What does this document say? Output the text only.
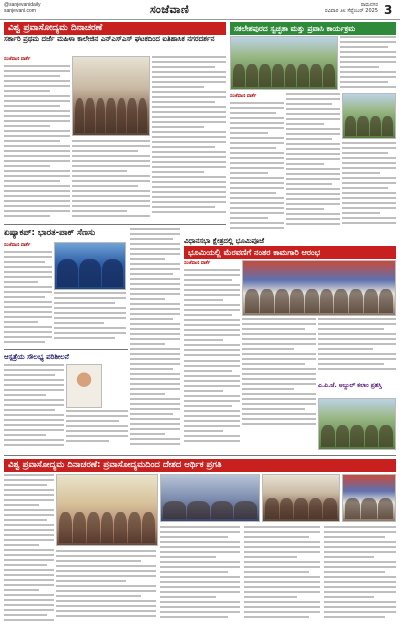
@sanjevanidaily
sanjevani.com	ಸಂಜೆವಾಣಿ	ರಾಮನಗರ
ರವಿವಾರ ೨೮ ಸೆಪ್ಟೆಂಬರ್ 2025 3
ವಿಶ್ವ ಪ್ರವಾಸೋದ್ಯಮ ದಿನಾಚರಣೆ
ಸರ್ಕಾರಿ ಪ್ರಥಮ ದರ್ಜೆ ಮಹಿಳಾ ಕಾಲೇಜಿನ ಎನ್‌ಎಸ್‌ಎಸ್ ಘಟಕದಿಂದ ಐತಿಹಾಸಿಕ ನಗರದರ್ಶನ
ಸಂಜೆವಾಣಿ ವಾರ್ತೆ
ಸಕಲೇಶಪುರದ ಸ್ವಚ್ಛತಾ ಮತ್ತು ಪ್ರವಾಸಿ ಕಾರ್ಯಕ್ರಮ
ಸಂಜೆವಾಣಿ ವಾರ್ತೆ
ಏಷ್ಯಾಕಪ್: ಭಾರತ-ಪಾಕ್ ಸೆಣಸು
ಸಂಜೆವಾಣಿ ವಾರ್ತೆ
ಆಸ್ಪತ್ರೆಯ ಸೌಲಭ್ಯ ಪರಿಶೀಲನೆ
ವಿಧಾನಸಭಾ ಕ್ಷೇತ್ರದಲ್ಲಿ ಭೂಮಿಪೂಜೆ
ಭೂಮಿಯಲ್ಲಿ ಮೆರವಣಿಗೆ ನಂತರ ಕಾಮಗಾರಿ ಆರಂಭ
ಸಂಜೆವಾಣಿ ವಾರ್ತೆ
ಎ.ಪಿ.ಜೆ. ಅಬ್ದುಲ್ ಕಲಾಂ ಪ್ರಶಸ್ತಿ
ವಿಶ್ವ ಪ್ರವಾಸೋದ್ಯಮ ದಿನಾಚರಣೆ: ಪ್ರವಾಸೋದ್ಯಮದಿಂದ ದೇಶದ ಆರ್ಥಿಕ ಪ್ರಗತಿ
